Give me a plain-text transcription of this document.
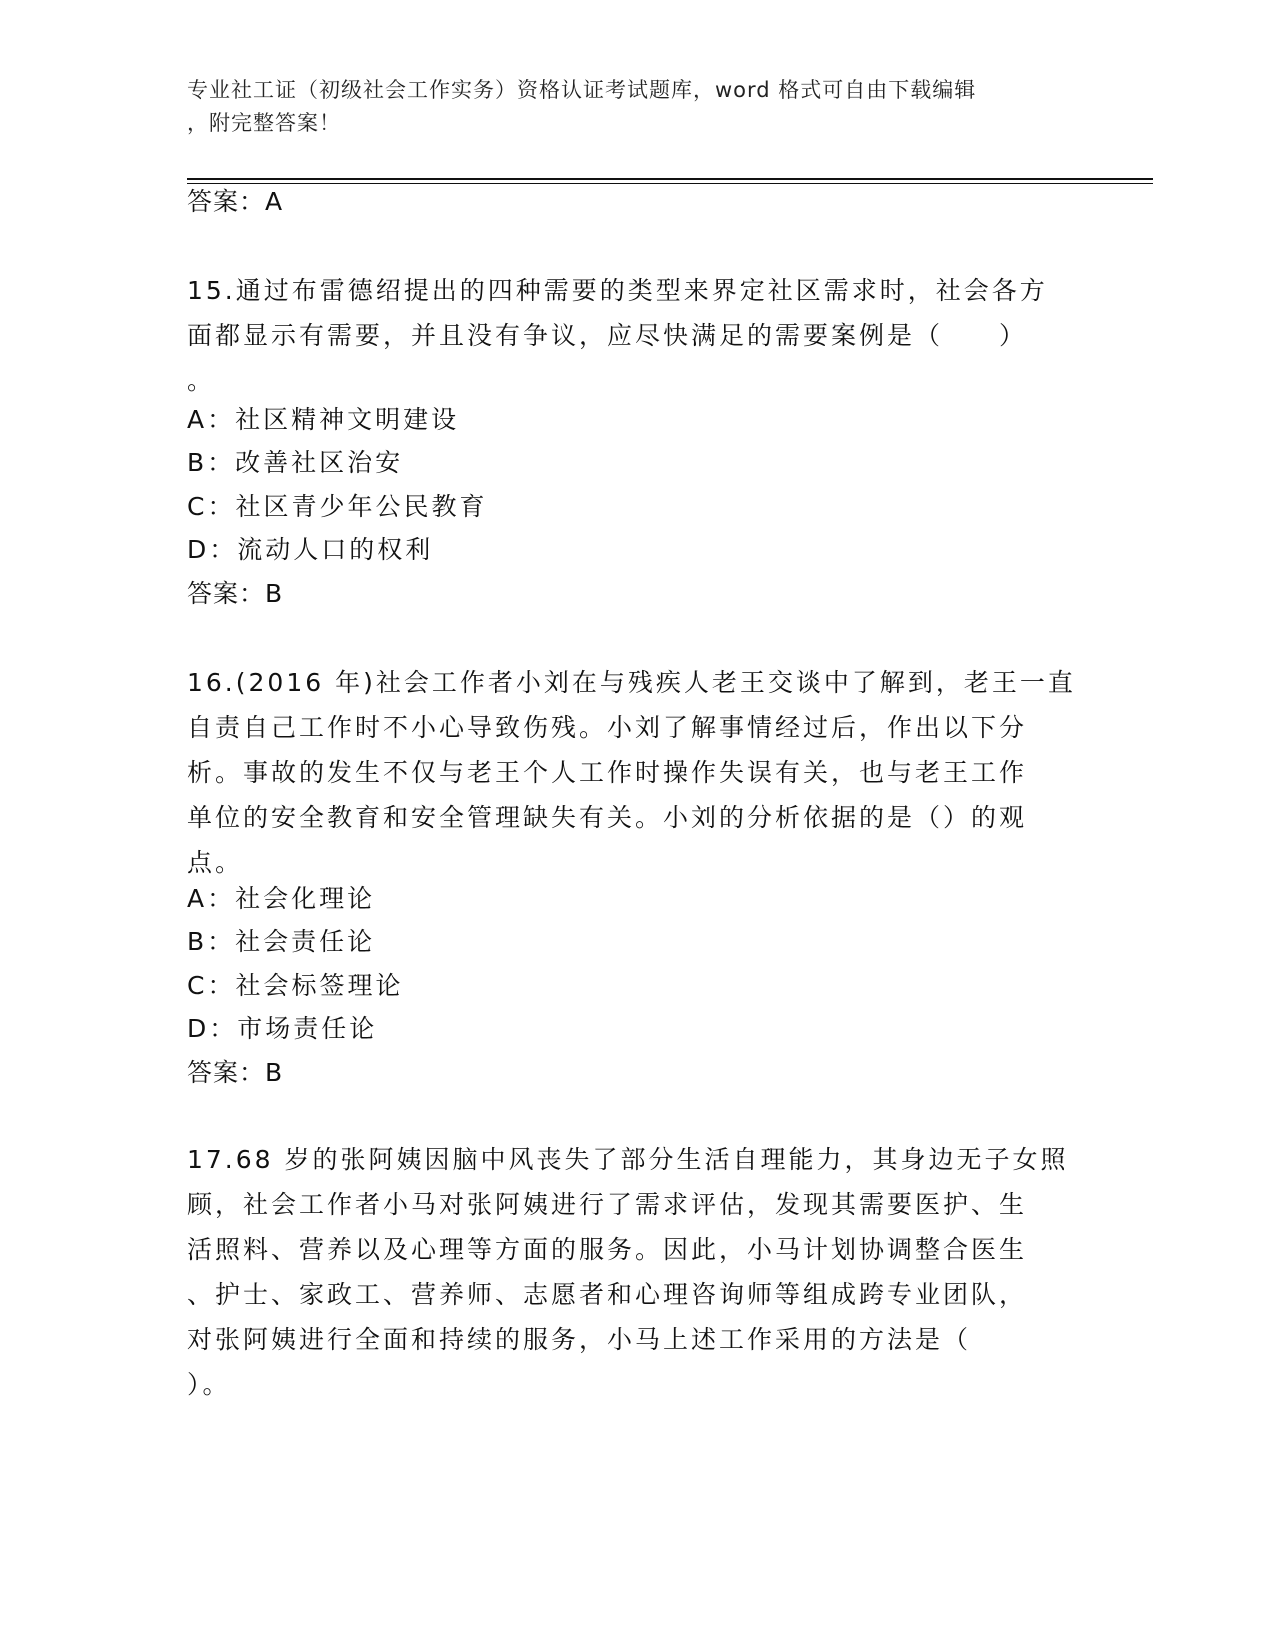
专业社工证（初级社会工作实务）资格认证考试题库，word 格式可自由下载编辑
，附完整答案！
答案：A
15.通过布雷德绍提出的四种需要的类型来界定社区需求时，社会各方
面都显示有需要，并且没有争议，应尽快满足的需要案例是（　　）
。
A：社区精神文明建设
B：改善社区治安
C：社区青少年公民教育
D：流动人口的权利
答案：B
16.(2016 年)社会工作者小刘在与残疾人老王交谈中了解到，老王一直
自责自己工作时不小心导致伤残。小刘了解事情经过后，作出以下分
析。事故的发生不仅与老王个人工作时操作失误有关，也与老王工作
单位的安全教育和安全管理缺失有关。小刘的分析依据的是（）的观
点。
A：社会化理论
B：社会责任论
C：社会标签理论
D：市场责任论
答案：B
17.68 岁的张阿姨因脑中风丧失了部分生活自理能力，其身边无子女照
顾，社会工作者小马对张阿姨进行了需求评估，发现其需要医护、生
活照料、营养以及心理等方面的服务。因此，小马计划协调整合医生
、护士、家政工、营养师、志愿者和心理咨询师等组成跨专业团队，
对张阿姨进行全面和持续的服务，小马上述工作采用的方法是（
）。
